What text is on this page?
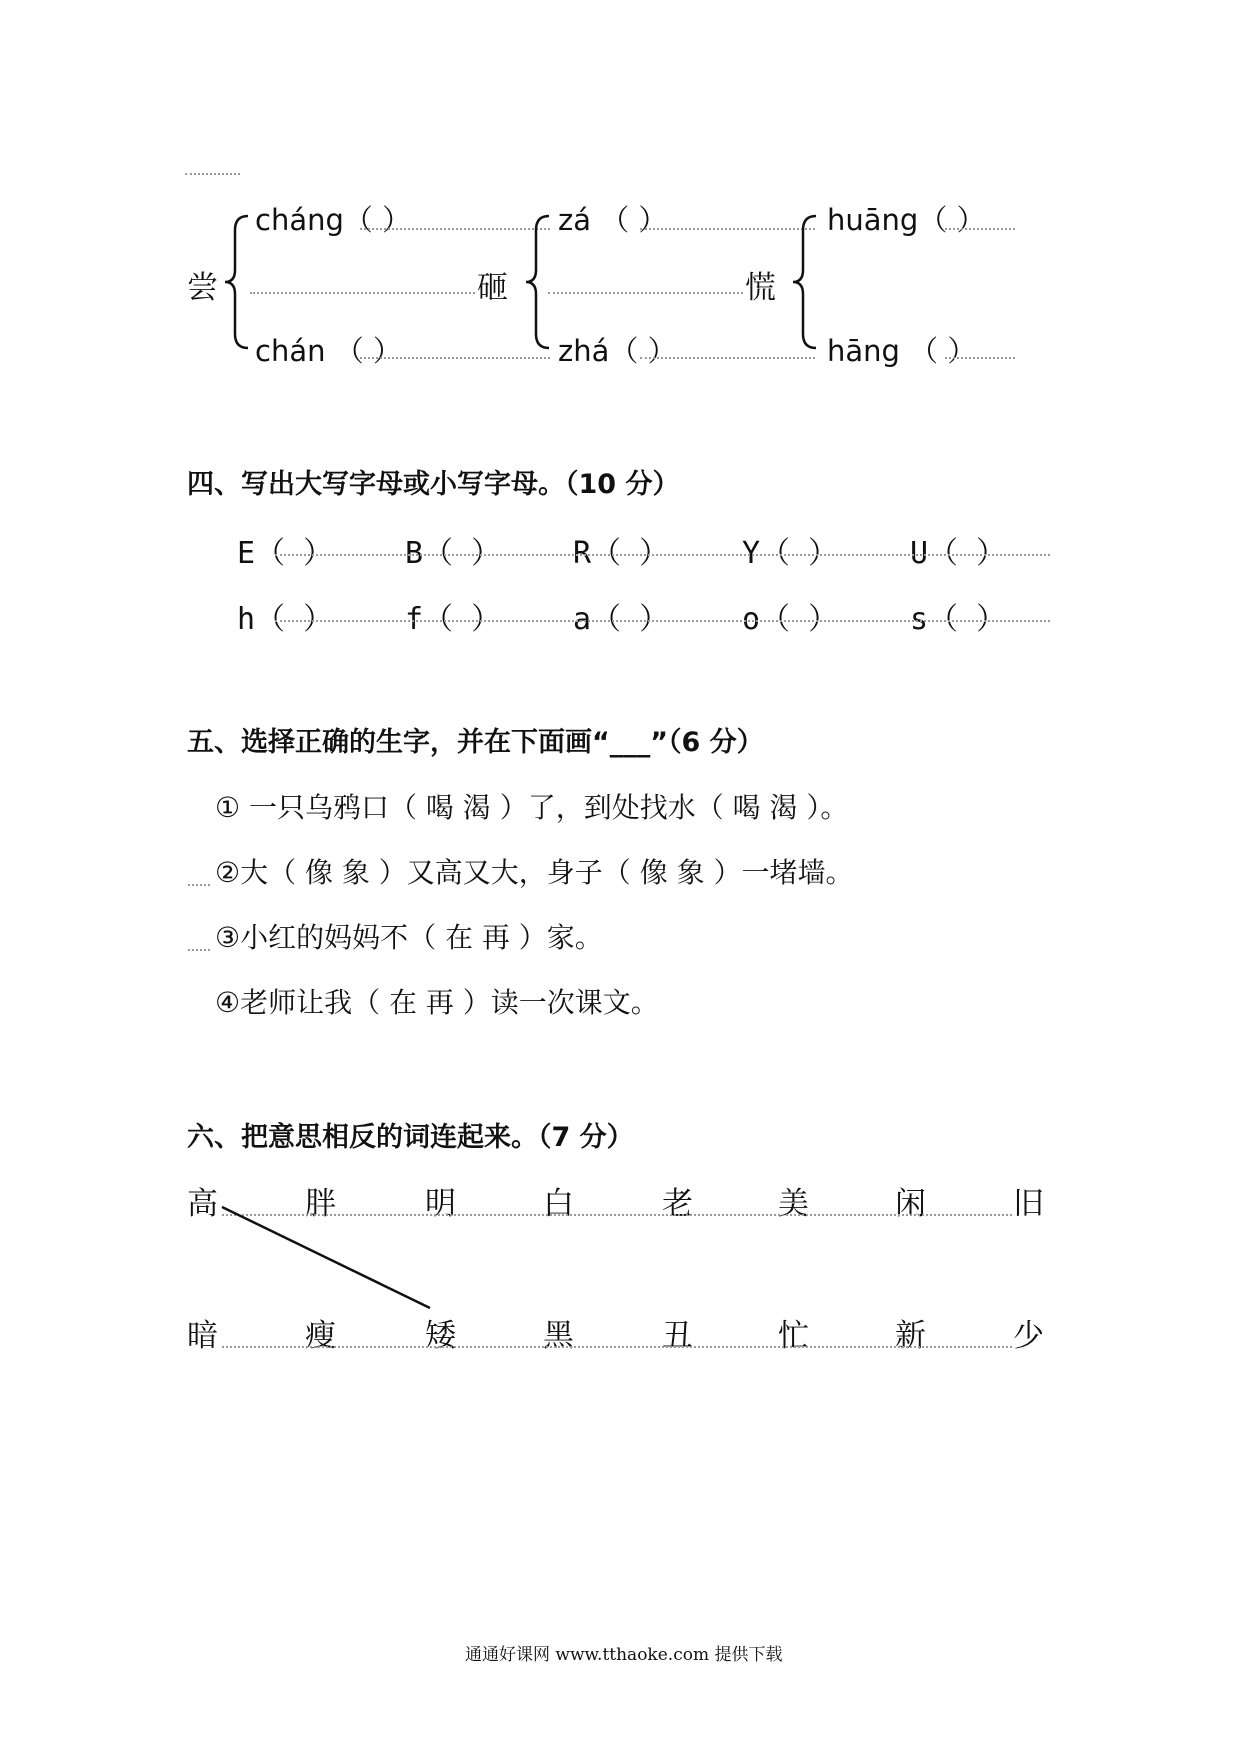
尝
cháng（ ）
chán （ ）
砸
zá （ ）
zhá（ ）
慌
huāng（ ）
hāng （ ）
四、写出大写字母或小写字母。（10 分）
E（ ） B（ ） R（ ） Y（ ） U（ ）
h（ ） f（ ） a（ ） o（ ） s（ ）
五、选择正确的生字，并在下面画“___”（6 分）
① 一只乌鸦口（ 喝 渴 ）了，到处找水（ 喝 渴 ）。
②大（ 像 象 ）又高又大，身子（ 像 象 ）一堵墙。
③小红的妈妈不（ 在 再 ）家。
④老师让我（ 在 再 ）读一次课文。
六、把意思相反的词连起来。（7 分）
高	胖	明	白	老	美	闲	旧
暗	瘦	矮	黑	丑	忙	新	少
通通好课网 www.tthaoke.com 提供下载
